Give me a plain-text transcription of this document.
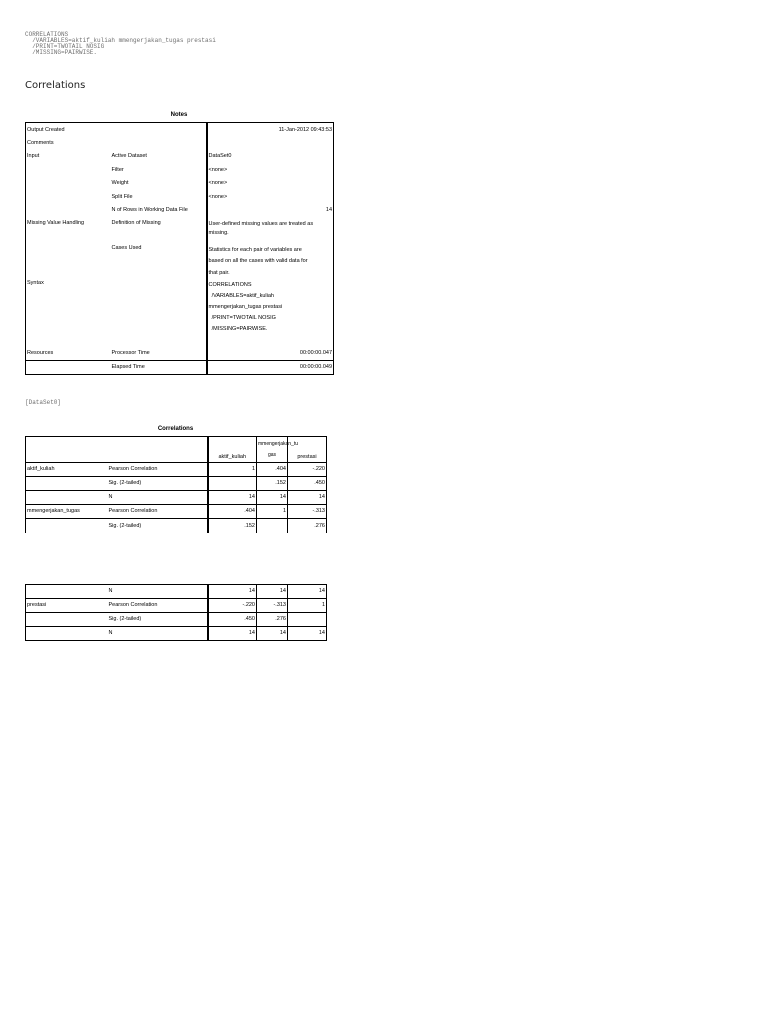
CORRELATIONS
/VARIABLES=aktif_kuliah mmengerjakan_tugas prestasi
/PRINT=TWOTAIL NOSIG
/MISSING=PAIRWISE.
Correlations
Notes
Output Created		11-Jan-2012 09:43:53
Comments		
Input	Active Dataset	DataSet0
	Filter	<none>
	Weight	<none>
	Split File	<none>
	N of Rows in Working Data File	14
Missing Value Handling	Definition of Missing	User-defined missing values are treated as
missing.

	Cases Used	Statistics for each pair of variables are
based on all the cases with valid data for
that pair.

Syntax		CORRELATIONS
/VARIABLES=aktif_kuliah
mmengerjakan_tugas prestasi
/PRINT=TWOTAIL NOSIG
/MISSING=PAIRWISE.

Resources	Processor Time	00:00:00.047
	Elapsed Time	00:00:00.049
[DataSet0]
Correlations
		aktif_kuliah	mmengerjakan_tu
gas	prestasi
aktif_kuliah	Pearson Correlation	1	.404	-.220
	Sig. (2-tailed)		.152	.450
	N	14	14	14
mmengerjakan_tugas	Pearson Correlation	.404	1	-.313
	Sig. (2-tailed)	.152		.276
	N	14	14	14
prestasi	Pearson Correlation	-.220	-.313	1
	Sig. (2-tailed)	.450	.276	
	N	14	14	14
